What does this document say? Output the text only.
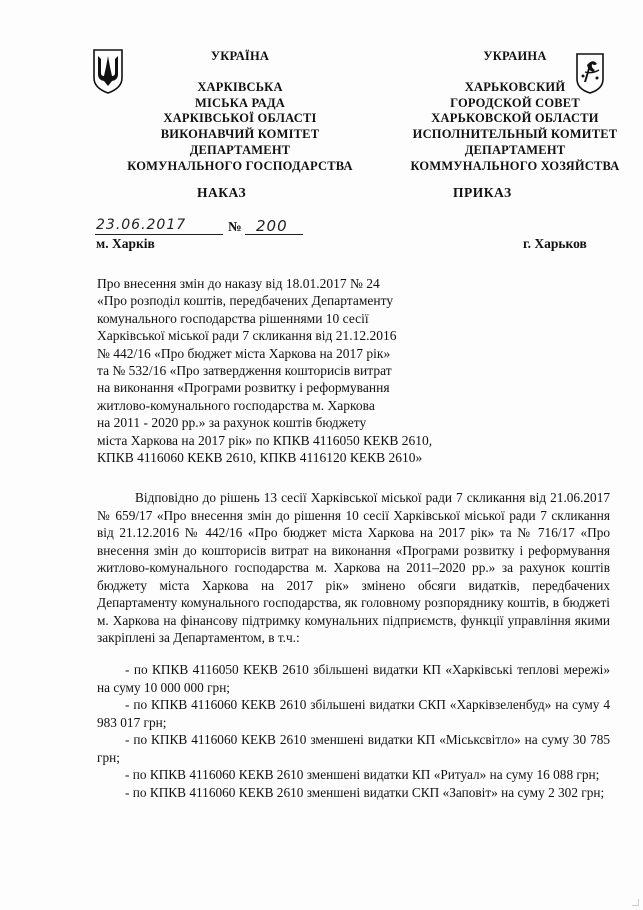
УКРАЇНА
ХАРКІВСЬКА
МІСЬКА РАДА
ХАРКІВСЬКОЇ ОБЛАСТІ
ВИКОНАВЧИЙ КОМІТЕТ
ДЕПАРТАМЕНТ
КОМУНАЛЬНОГО ГОСПОДАРСТВА
УКРАИНА
ХАРЬКОВСКИЙ
ГОРОДСКОЙ СОВЕТ
ХАРЬКОВСКОЙ ОБЛАСТИ
ИСПОЛНИТЕЛЬНЫЙ КОМИТЕТ
ДЕПАРТАМЕНТ
КОММУНАЛЬНОГО ХОЗЯЙСТВА
НАКАЗ	ПРИКАЗ
23.06.2017	№ 200
м. Харків	г. Харьков
Про внесення змін до наказу від 18.01.2017 № 24
«Про розподіл коштів, передбачених Департаменту
комунального господарства рішеннями 10 сесії
Харківської міської ради 7 скликання від 21.12.2016
№ 442/16 «Про бюджет міста Харкова на 2017 рік»
та № 532/16 «Про затвердження кошторисів витрат
на виконання «Програми розвитку і реформування
житлово-комунального господарства м. Харкова
на 2011 - 2020 рр.» за рахунок коштів бюджету
міста Харкова на 2017 рік» по КПКВ 4116050 КЕКВ 2610,
КПКВ 4116060 КЕКВ 2610, КПКВ 4116120 КЕКВ 2610»

Відповідно до рішень 13 сесії Харківської міської ради 7 скликання від 21.06.2017 № 659/17 «Про внесення змін до рішення 10 сесії Харківської міської ради 7 скликання від 21.12.2016 № 442/16 «Про бюджет міста Харкова на 2017 рік» та № 716/17 «Про внесення змін до кошторисів витрат на виконання «Програми розвитку і реформування житлово-комунального господарства м. Харкова на 2011–2020 рр.» за рахунок коштів бюджету міста Харкова на 2017 рік» змінено обсяги видатків, передбачених Департаменту комунального господарства, як головному розпоряднику коштів, в бюджеті м. Харкова на фінансову підтримку комунальних підприємств, функції управління якими закріплені за Департаментом, в т.ч.:

- по КПКВ 4116050 КЕКВ 2610 збільшені видатки КП «Харківські теплові мережі» на суму 10 000 000 грн;

- по КПКВ 4116060 КЕКВ 2610 збільшені видатки СКП «Харківзеленбуд» на суму 4 983 017 грн;

- по КПКВ 4116060 КЕКВ 2610 зменшені видатки КП «Міськсвітло» на суму 30 785 грн;

- по КПКВ 4116060 КЕКВ 2610 зменшені видатки КП «Ритуал» на суму 16 088 грн;

- по КПКВ 4116060 КЕКВ 2610 зменшені видатки СКП «Заповіт» на суму 2 302 грн;
